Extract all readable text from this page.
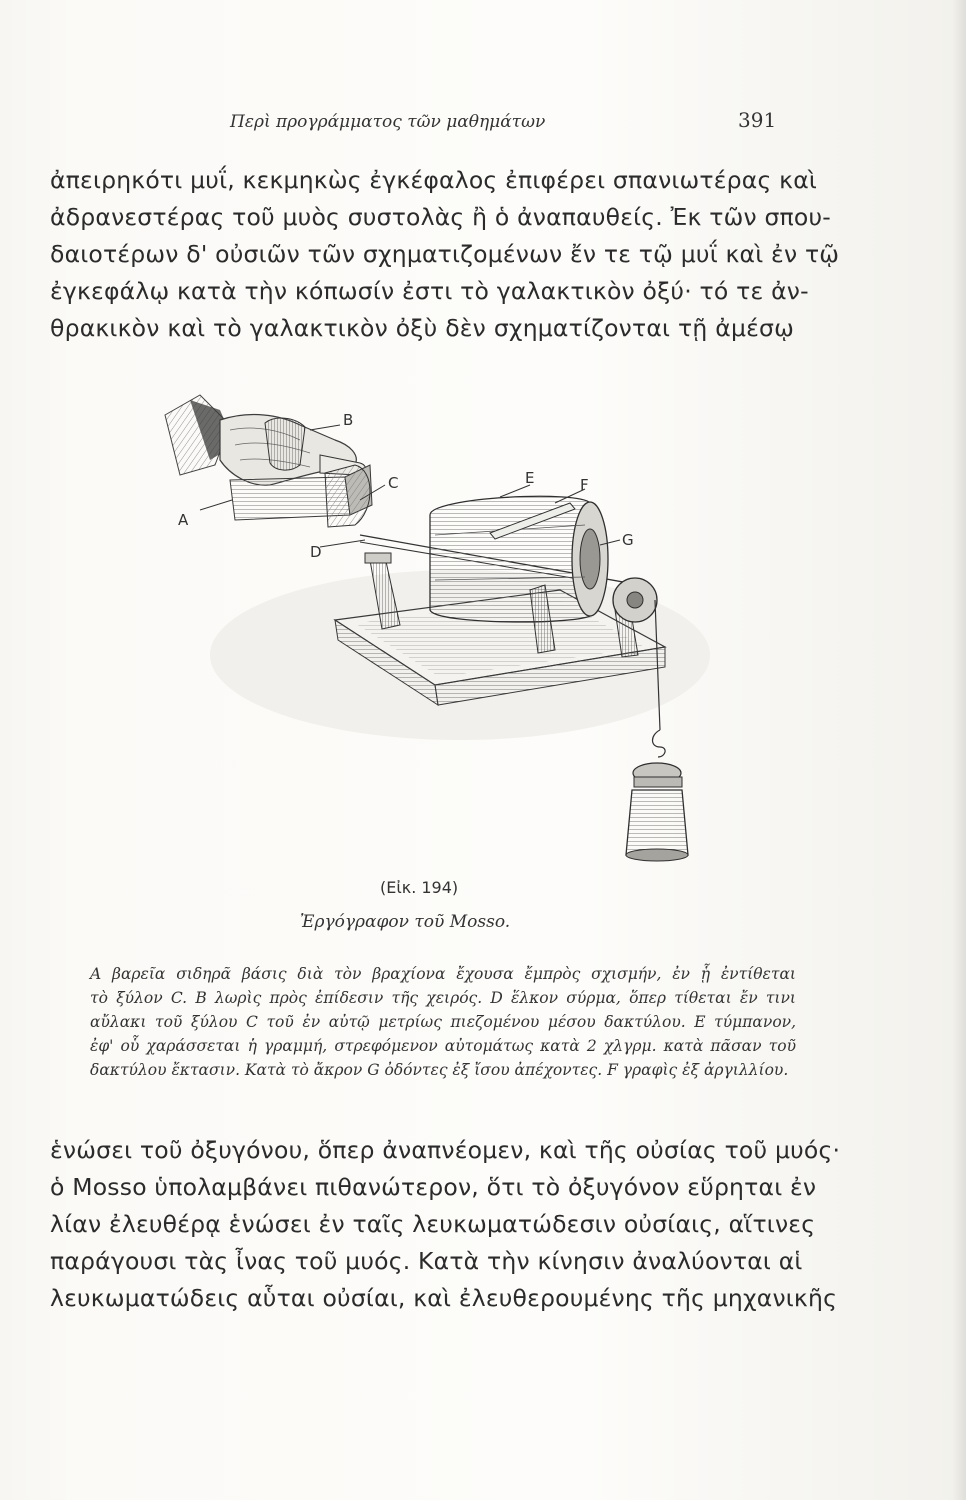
Περὶ προγράμματος τῶν μαθημάτων	391
ἀπειρηκότι μυΐ, κεκμηκὼς ἐγκέφαλος ἐπιφέρει σπανιωτέρας καὶ
ἀδρανεστέρας τοῦ μυὸς συστολὰς ἢ ὁ ἀναπαυθείς. Ἐκ τῶν σπου-
δαιοτέρων δ' οὐσιῶν τῶν σχηματιζομένων ἔν τε τῷ μυΐ καὶ ἐν τῷ
ἐγκεφάλῳ κατὰ τὴν κόπωσίν ἐστι τὸ γαλακτικὸν ὀξύ· τό τε ἀν-
θρακικὸν καὶ τὸ γαλακτικὸν ὀξὺ δὲν σχηματίζονται τῇ ἀμέσῳ
B
C
A
D
E	F
G
(Εἰκ. 194)
Ἐργόγραφον τοῦ Mosso.
A βαρεῖα σιδηρᾶ βάσις διὰ τὸν βραχίονα ἔχουσα ἔμπρὸς σχισμήν, ἐν ᾗ ἐντίθεται
τὸ ξύλον C. B λωρὶς πρὸς ἐπίδεσιν τῆς χειρός. D ἕλκον σύρμα, ὅπερ τίθεται ἔν τινι
αὔλακι τοῦ ξύλου C τοῦ ἐν αὐτῷ μετρίως πιεζομένου μέσου δακτύλου. E τύμπανον,
ἐφ' οὗ χαράσσεται ἡ γραμμή, στρεφόμενον αὐτομάτως κατὰ 2 χλγρμ. κατὰ πᾶσαν τοῦ
δακτύλου ἔκτασιν. Κατὰ τὸ ἄκρον G ὀδόντες ἐξ ἴσου ἀπέχοντες. F γραφὶς ἐξ ἀργιλλίου.
ἑνώσει τοῦ ὀξυγόνου, ὅπερ ἀναπνέομεν, καὶ τῆς οὐσίας τοῦ μυός·
ὁ Mosso ὑπολαμβάνει πιθανώτερον, ὅτι τὸ ὀξυγόνον εὕρηται ἐν
λίαν ἐλευθέρᾳ ἑνώσει ἐν ταῖς λευκωματώδεσιν οὐσίαις, αἵτινες
παράγουσι τὰς ἶνας τοῦ μυός. Κατὰ τὴν κίνησιν ἀναλύονται αἱ
λευκωματώδεις αὗται οὐσίαι, καὶ ἐλευθερουμένης τῆς μηχανικῆς
